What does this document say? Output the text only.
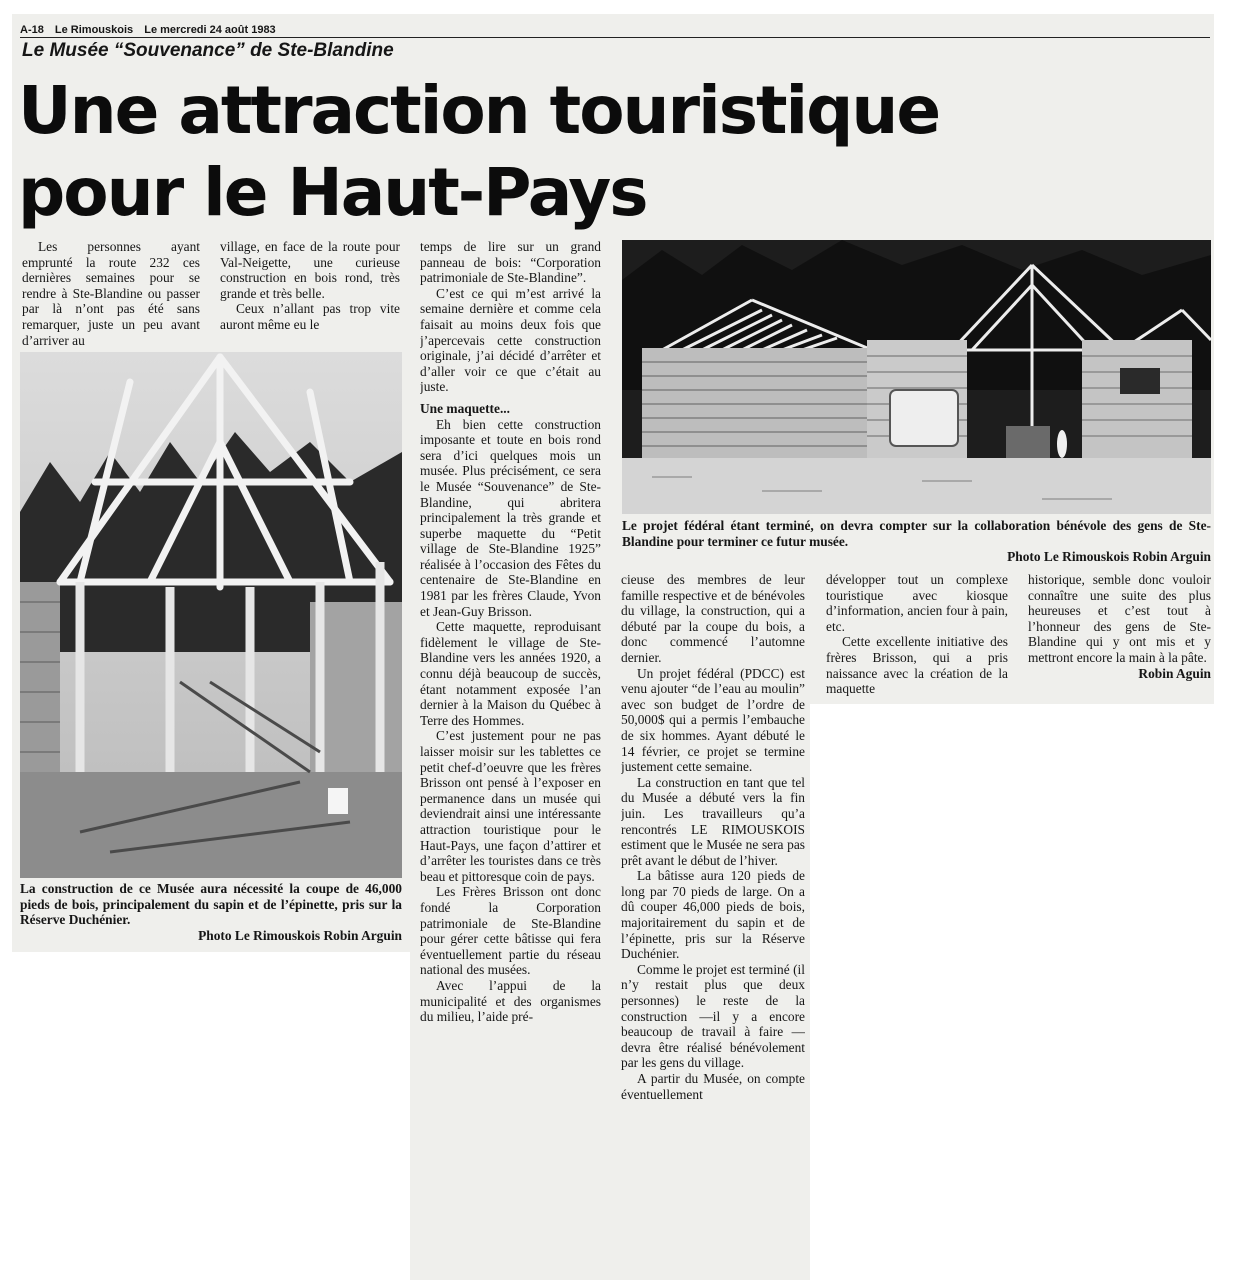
A-18 Le Rimouskois Le mercredi 24 août 1983
Le Musée “Souvenance” de Ste-Blandine
Une attraction touristique
pour le Haut-Pays

Les personnes ayant emprunté la route 232 ces dernières semaines pour se rendre à Ste-Blandine ou passer par là n’ont pas été sans remarquer, juste un peu avant d’arriver au

village, en face de la route pour Val-Neigette, une curieuse construction en bois rond, très grande et très belle.

Ceux n’allant pas trop vite auront même eu le

La construction de ce Musée aura nécessité la coupe de 46,000 pieds de bois, principalement du sapin et de l’épinette, pris sur la Réserve Duchénier.
Photo Le Rimouskois Robin Arguin

temps de lire sur un grand panneau de bois: “Corporation patrimoniale de Ste-Blandine”.

C’est ce qui m’est arrivé la semaine dernière et comme cela faisait au moins deux fois que j’apercevais cette construction originale, j’ai décidé d’arrêter et d’aller voir ce que c’était au juste.

Une maquette...

Eh bien cette construction imposante et toute en bois rond sera d’ici quelques mois un musée. Plus précisément, ce sera le Musée “Souvenance” de Ste-Blandine, qui abritera principalement la très grande et superbe maquette du “Petit village de Ste-Blandine 1925” réalisée à l’occasion des Fêtes du centenaire de Ste-Blandine en 1981 par les frères Claude, Yvon et Jean-Guy Brisson.

Cette maquette, reproduisant fidèlement le village de Ste-Blandine vers les années 1920, a connu déjà beaucoup de succès, étant notamment exposée l’an dernier à la Maison du Québec à Terre des Hommes.

C’est justement pour ne pas laisser moisir sur les tablettes ce petit chef-d’oeuvre que les frères Brisson ont pensé à l’exposer en permanence dans un musée qui deviendrait ainsi une intéressante attraction touristique pour le Haut-Pays, une façon d’attirer et d’arrêter les touristes dans ce très beau et pittoresque coin de pays.

Les Frères Brisson ont donc fondé la Corporation patrimoniale de Ste-Blandine pour gérer cette bâtisse qui fera éventuellement partie du réseau national des musées.

Avec l’appui de la municipalité et des organismes du milieu, l’aide pré-

Le projet fédéral étant terminé, on devra compter sur la collaboration bénévole des gens de Ste-Blandine pour terminer ce futur musée.
Photo Le Rimouskois Robin Arguin

cieuse des membres de leur famille respective et de bénévoles du village, la construction, qui a débuté par la coupe du bois, a donc commencé l’automne dernier.

Un projet fédéral (PDCC) est venu ajouter “de l’eau au moulin” avec son budget de l’ordre de 50,000$ qui a permis l’embauche de six hommes. Ayant débuté le 14 février, ce projet se termine justement cette semaine.

La construction en tant que tel du Musée a débuté vers la fin juin. Les travailleurs qu’a rencontrés LE RIMOUSKOIS estiment que le Musée ne sera pas prêt avant le début de l’hiver.

La bâtisse aura 120 pieds de long par 70 pieds de large. On a dû couper 46,000 pieds de bois, majoritairement du sapin et de l’épinette, pris sur la Réserve Duchénier.

Comme le projet est terminé (il n’y restait plus que deux personnes) le reste de la construction —il y a encore beaucoup de travail à faire —devra être réalisé bénévolement par les gens du village.

A partir du Musée, on compte éventuellement

développer tout un complexe touristique avec kiosque d’information, ancien four à pain, etc.

Cette excellente initiative des frères Brisson, qui a pris naissance avec la création de la maquette

historique, semble donc vouloir connaître une suite des plus heureuses et c’est tout à l’honneur des gens de Ste-Blandine qui y ont mis et y mettront encore la main à la pâte.

Robin Aguin
